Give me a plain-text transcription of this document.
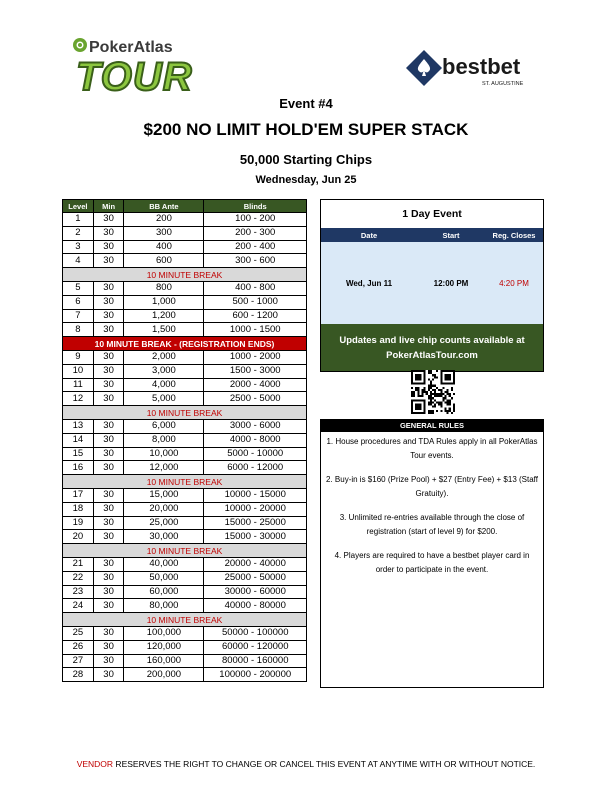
PokerAtlas
TOUR	bestbet
ST. AUGUSTINE
Event #4
$200 NO LIMIT HOLD'EM SUPER STACK
50,000 Starting Chips
Wednesday, Jun 25
Level	Min	BB Ante	Blinds
1	30	200	100 - 200
2	30	300	200 - 300
3	30	400	200 - 400
4	30	600	300 - 600
10 MINUTE BREAK			
5	30	800	400 - 800
6	30	1,000	500 - 1000
7	30	1,200	600 - 1200
8	30	1,500	1000 - 1500
10 MINUTE BREAK - (REGISTRATION ENDS)			
9	30	2,000	1000 - 2000
10	30	3,000	1500 - 3000
11	30	4,000	2000 - 4000
12	30	5,000	2500 - 5000
10 MINUTE BREAK			
13	30	6,000	3000 - 6000
14	30	8,000	4000 - 8000
15	30	10,000	5000 - 10000
16	30	12,000	6000 - 12000
10 MINUTE BREAK			
17	30	15,000	10000 - 15000
18	30	20,000	10000 - 20000
19	30	25,000	15000 - 25000
20	30	30,000	15000 - 30000
10 MINUTE BREAK			
21	30	40,000	20000 - 40000
22	30	50,000	25000 - 50000
23	30	60,000	30000 - 60000
24	30	80,000	40000 - 80000
10 MINUTE BREAK			
25	30	100,000	50000 - 100000
26	30	120,000	60000 - 120000
27	30	160,000	80000 - 160000
28	30	200,000	100000 - 200000
1 Day Event
Date	Start	Reg. Closes
Wed, Jun 11	12:00 PM	4:20 PM
Updates and live chip counts available at
PokerAtlasTour.com
GENERAL RULES
1. House procedures and TDA Rules apply in all PokerAtlas Tour events.
2. Buy-in is $160 (Prize Pool) + $27 (Entry Fee) + $13 (Staff Gratuity).
3. Unlimited re-entries available through the close of registration (start of level 9) for $200.
4. Players are required to have a bestbet player card in order to participate in the event.
VENDOR RESERVES THE RIGHT TO CHANGE OR CANCEL THIS EVENT AT ANYTIME WITH OR WITHOUT NOTICE.
